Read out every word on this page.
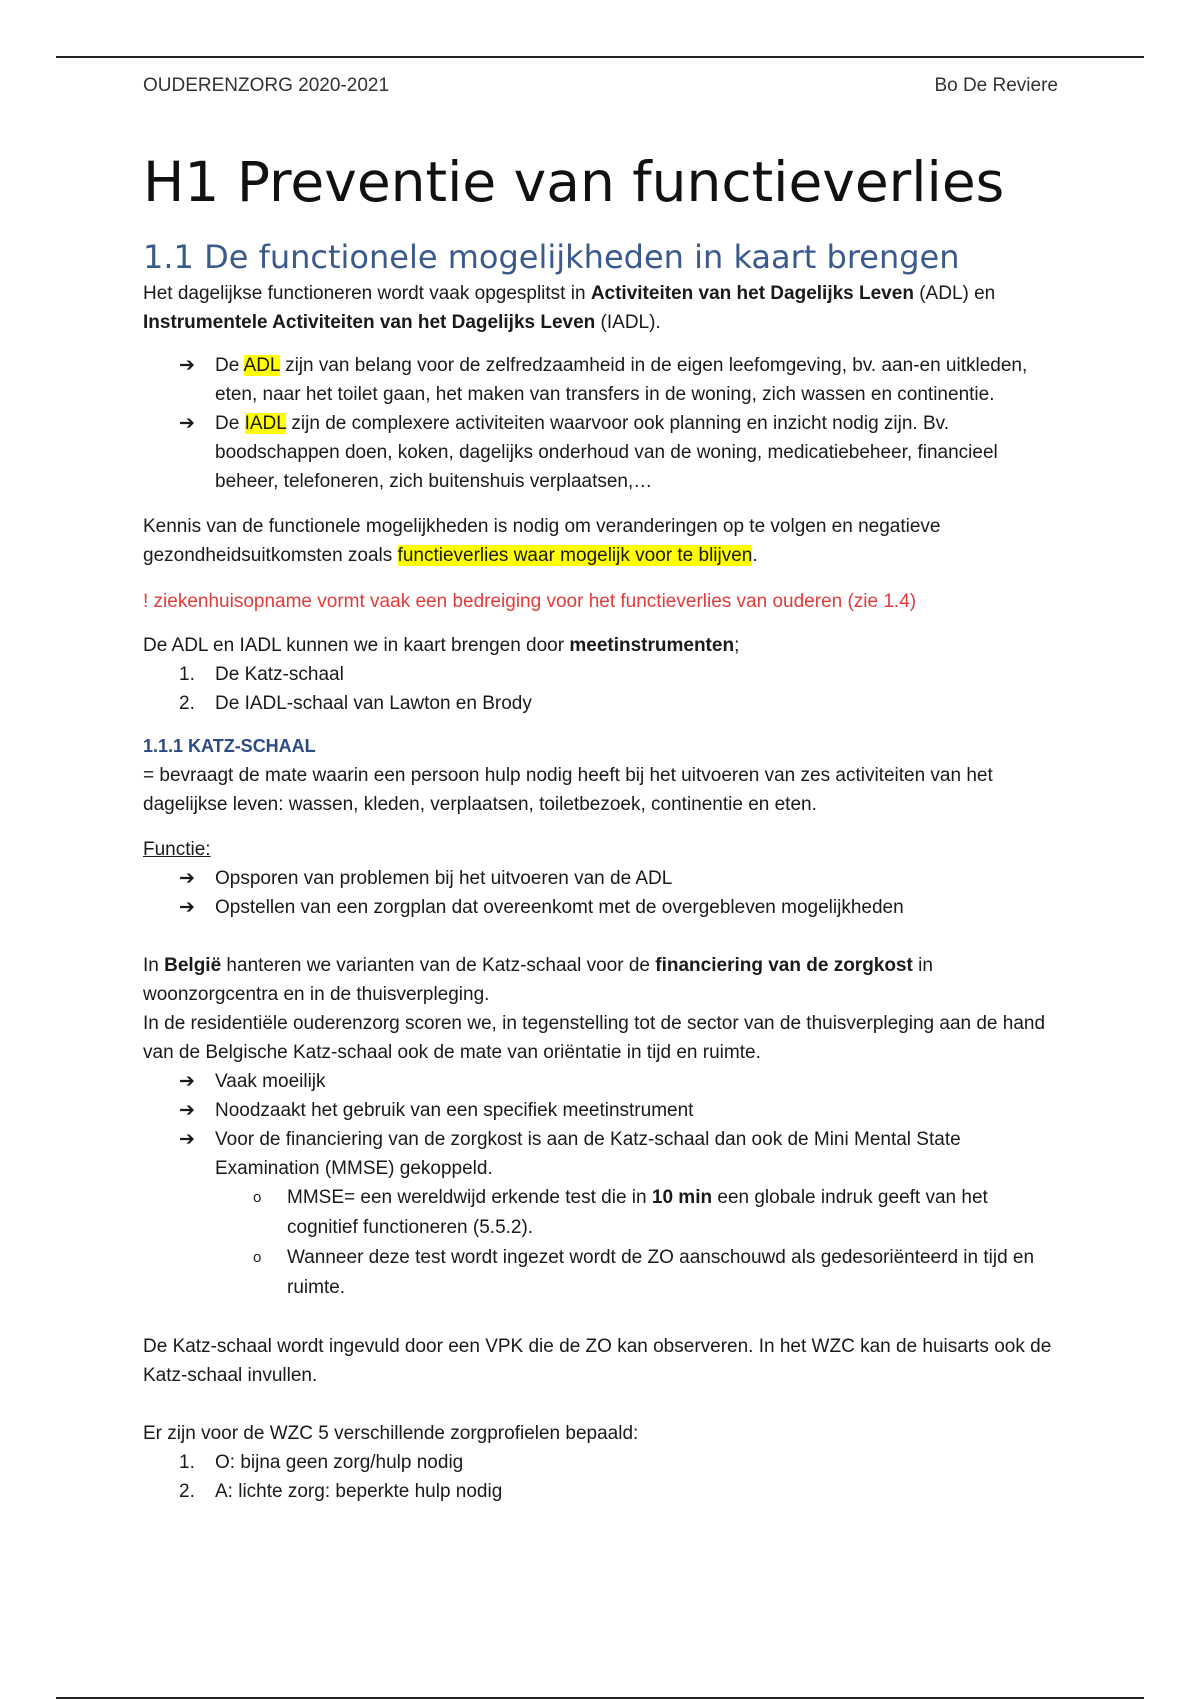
OUDERENZORG 2020-2021	Bo De Reviere
H1 Preventie van functieverlies
1.1 De functionele mogelijkheden in kaart brengen

Het dagelijkse functioneren wordt vaak opgesplitst in Activiteiten van het Dagelijks Leven (ADL) en Instrumentele Activiteiten van het Dagelijks Leven (IADL).

➔	De ADL zijn van belang voor de zelfredzaamheid in de eigen leefomgeving, bv. aan-en uitkleden, eten, naar het toilet gaan, het maken van transfers in de woning, zich wassen en continentie.
➔	De IADL zijn de complexere activiteiten waarvoor ook planning en inzicht nodig zijn. Bv. boodschappen doen, koken, dagelijks onderhoud van de woning, medicatiebeheer, financieel beheer, telefoneren, zich buitenshuis verplaatsen,…

Kennis van de functionele mogelijkheden is nodig om veranderingen op te volgen en negatieve gezondheidsuitkomsten zoals functieverlies waar mogelijk voor te blijven.

! ziekenhuisopname vormt vaak een bedreiging voor het functieverlies van ouderen (zie 1.4)

De ADL en IADL kunnen we in kaart brengen door meetinstrumenten;

1.	De Katz-schaal
2.	De IADL-schaal van Lawton en Brody
1.1.1 KATZ-SCHAAL

= bevraagt de mate waarin een persoon hulp nodig heeft bij het uitvoeren van zes activiteiten van het dagelijkse leven: wassen, kleden, verplaatsen, toiletbezoek, continentie en eten.

Functie:

➔	Opsporen van problemen bij het uitvoeren van de ADL
➔	Opstellen van een zorgplan dat overeenkomt met de overgebleven mogelijkheden

In België hanteren we varianten van de Katz-schaal voor de financiering van de zorgkost in woonzorgcentra en in de thuisverpleging.

In de residentiële ouderenzorg scoren we, in tegenstelling tot de sector van de thuisverpleging aan de hand van de Belgische Katz-schaal ook de mate van oriëntatie in tijd en ruimte.

➔	Vaak moeilijk
➔	Noodzaakt het gebruik van een specifiek meetinstrument
➔	Voor de financiering van de zorgkost is aan de Katz-schaal dan ook de Mini Mental State Examination (MMSE) gekoppeld.
o MMSE= een wereldwijd erkende test die in 10 min een globale indruk geeft van het cognitief functioneren (5.5.2).
o Wanneer deze test wordt ingezet wordt de ZO aanschouwd als gedesoriënteerd in tijd en ruimte.

De Katz-schaal wordt ingevuld door een VPK die de ZO kan observeren. In het WZC kan de huisarts ook de Katz-schaal invullen.

Er zijn voor de WZC 5 verschillende zorgprofielen bepaald:

1.	O: bijna geen zorg/hulp nodig
2.	A: lichte zorg: beperkte hulp nodig
